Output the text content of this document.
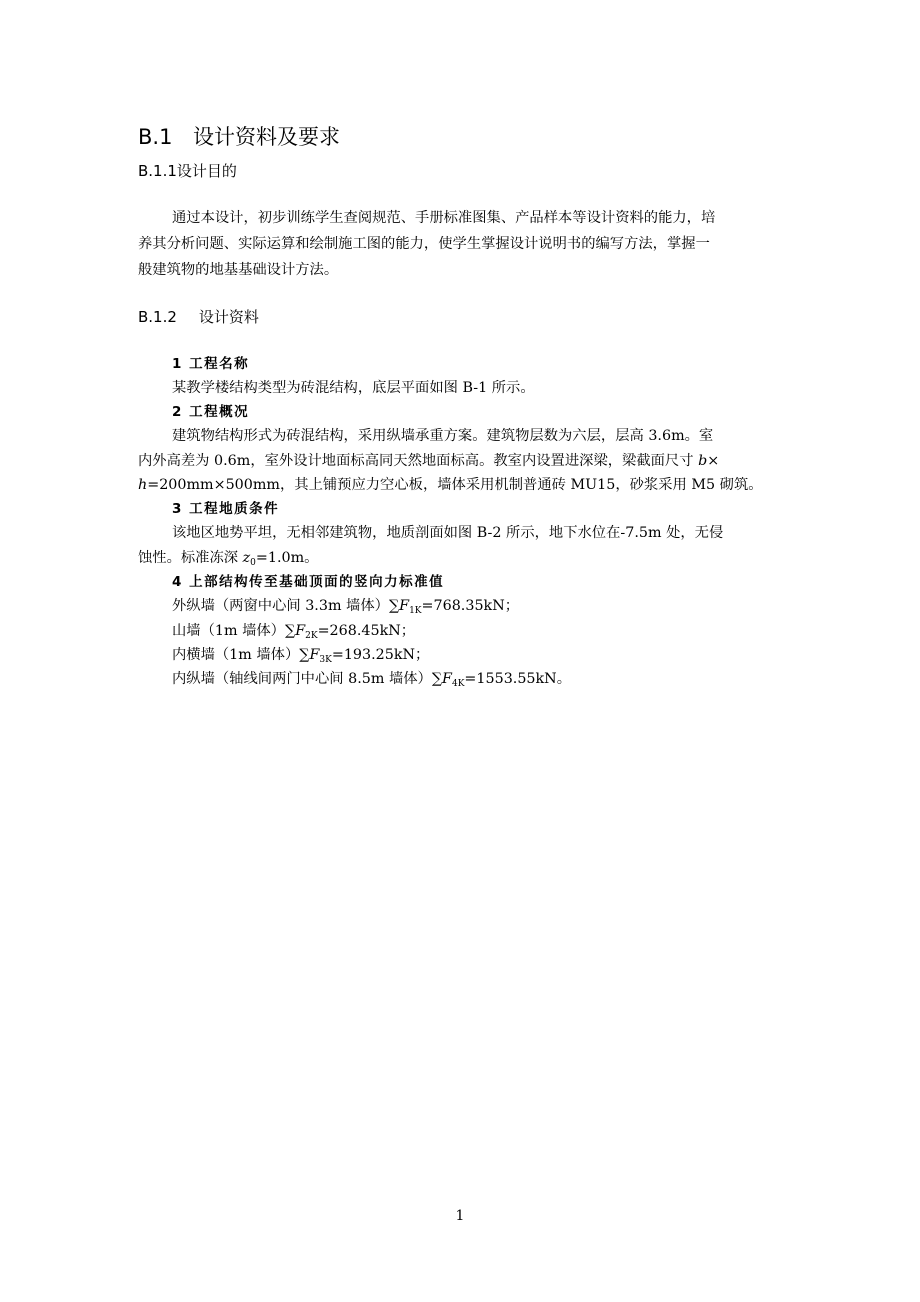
B.1 设计资料及要求
B.1.1设计目的
通过本设计，初步训练学生查阅规范、手册标准图集、产品样本等设计资料的能力，培
养其分析问题、实际运算和绘制施工图的能力，使学生掌握设计说明书的编写方法，掌握一
般建筑物的地基基础设计方法。
B.1.2 设计资料
1 工程名称
某教学楼结构类型为砖混结构，底层平面如图 B-1 所示。
2 工程概况
建筑物结构形式为砖混结构，采用纵墙承重方案。建筑物层数为六层，层高 3.6m。室
内外高差为 0.6m，室外设计地面标高同天然地面标高。教室内设置进深梁，梁截面尺寸 b×
h=200mm×500mm，其上铺预应力空心板，墙体采用机制普通砖 MU15，砂浆采用 M5 砌筑。
3 工程地质条件
该地区地势平坦，无相邻建筑物，地质剖面如图 B-2 所示，地下水位在-7.5m 处，无侵
蚀性。标准冻深 $z_0=1.0m$。
4 上部结构传至基础顶面的竖向力标准值
外纵墙（两窗中心间 3.3m 墙体）$\sum F_{1K}=768.35kN$；
山墙（1m 墙体）$\sum F_{2K}=268.45kN$；
内横墙（1m 墙体）$\sum F_{3K}=193.25kN$；
内纵墙（轴线间两门中心间 8.5m 墙体）$\sum F_{4K}=1553.55kN$。
1
